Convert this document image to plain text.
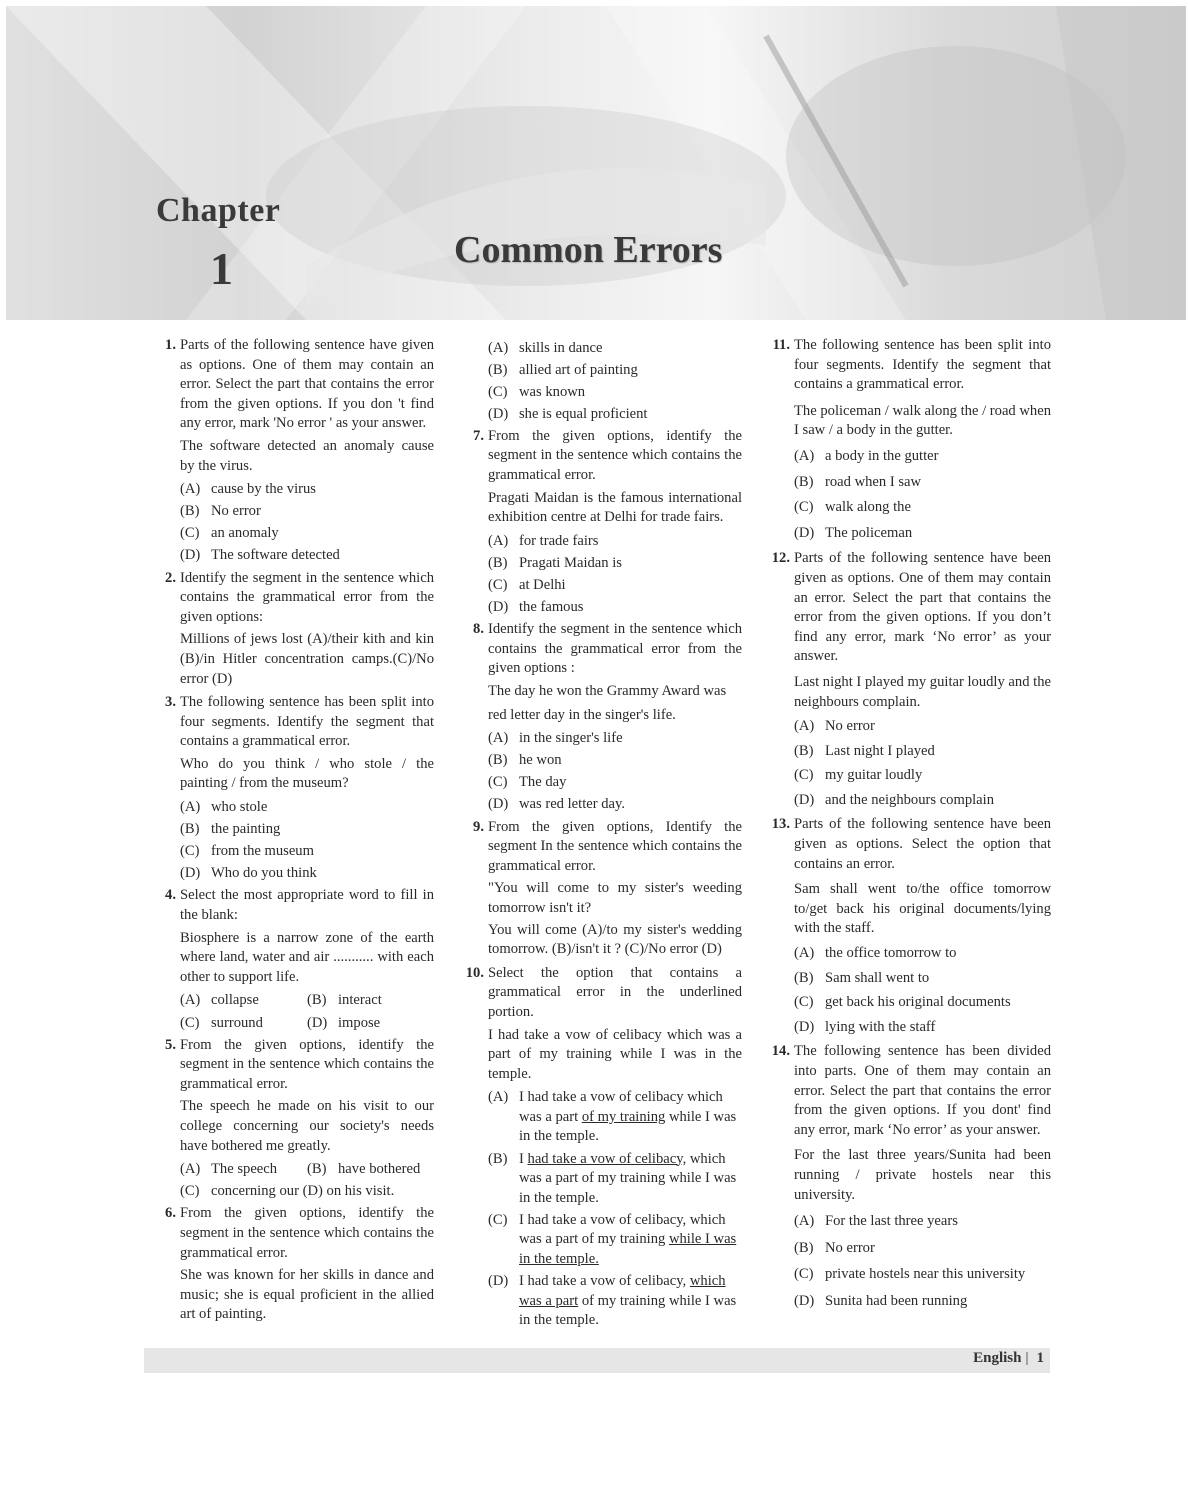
Chapter
1	Common Errors
1. Parts of the following sentence have given as options. One of them may contain an error. Select the part that contains the error from the given options. If you don 't find any error, mark 'No error ' as your answer.
The software detected an anomaly cause by the virus.
(A) cause by the virus
(B) No error
(C) an anomaly
(D) The software detected
2. Identify the segment in the sentence which contains the grammatical error from the given options:
Millions of jews lost (A)/their kith and kin (B)/in Hitler concentration camps.(C)/No error (D)
3. The following sentence has been split into four segments. Identify the segment that contains a grammatical error.
Who do you think / who stole / the painting / from the museum?
(A) who stole
(B) the painting
(C) from the museum
(D) Who do you think
4. Select the most appropriate word to fill in the blank:
Biosphere is a narrow zone of the earth where land, water and air ........... with each other to support life.
(A) collapse	(B) interact
(C) surround	(D) impose
5. From the given options, identify the segment in the sentence which contains the grammatical error.
The speech he made on his visit to our college concerning our society's needs have bothered me greatly.
(A) The speech	(B) have bothered
(C) concerning our (D) on his visit.
6. From the given options, identify the segment in the sentence which contains the grammatical error.
She was known for her skills in dance and music; she is equal proficient in the allied art of painting.
(A) skills in dance
(B) allied art of painting
(C) was known
(D) she is equal proficient
7. From the given options, identify the segment in the sentence which contains the grammatical error.
Pragati Maidan is the famous international exhibition centre at Delhi for trade fairs.
(A) for trade fairs
(B) Pragati Maidan is
(C) at Delhi
(D) the famous
8. Identify the segment in the sentence which contains the grammatical error from the given options :
The day he won the Grammy Award was
red letter day in the singer's life.
(A) in the singer's life
(B) he won
(C) The day
(D) was red letter day.
9. From the given options, Identify the segment In the sentence which contains the grammatical error.
"You will come to my sister's weeding tomorrow isn't it?
You will come (A)/to my sister's wedding tomorrow. (B)/isn't it ? (C)/No error (D)
10. Select the option that contains a grammatical error in the underlined portion.
I had take a vow of celibacy which was a part of my training while I was in the temple.
(A) I had take a vow of celibacy which was a part of my training while I was in the temple.
(B) I had take a vow of celibacy, which was a part of my training while I was in the temple.
(C) I had take a vow of celibacy, which was a part of my training while I was in the temple.
(D) I had take a vow of celibacy, which was a part of my training while I was in the temple.
11. The following sentence has been split into four segments. Identify the segment that contains a grammatical error.
The policeman / walk along the / road when I saw / a body in the gutter.
(A) a body in the gutter
(B) road when I saw
(C) walk along the
(D) The policeman
12. Parts of the following sentence have been given as options. One of them may contain an error. Select the part that contains the error from the given options. If you don’t find any error, mark ‘No error’ as your answer.
Last night I played my guitar loudly and the neighbours complain.
(A) No error
(B) Last night I played
(C) my guitar loudly
(D) and the neighbours complain
13. Parts of the following sentence have been given as options. Select the option that contains an error.
Sam shall went to/the office tomorrow to/get back his original documents/lying with the staff.
(A) the office tomorrow to
(B) Sam shall went to
(C) get back his original documents
(D) lying with the staff
14. The following sentence has been divided into parts. One of them may contain an error. Select the part that contains the error from the given options. If you dont' find any error, mark ‘No error’ as your answer.
For the last three years/Sunita had been running / private hostels near this university.
(A) For the last three years
(B) No error
(C) private hostels near this university
(D) Sunita had been running
English | 1
